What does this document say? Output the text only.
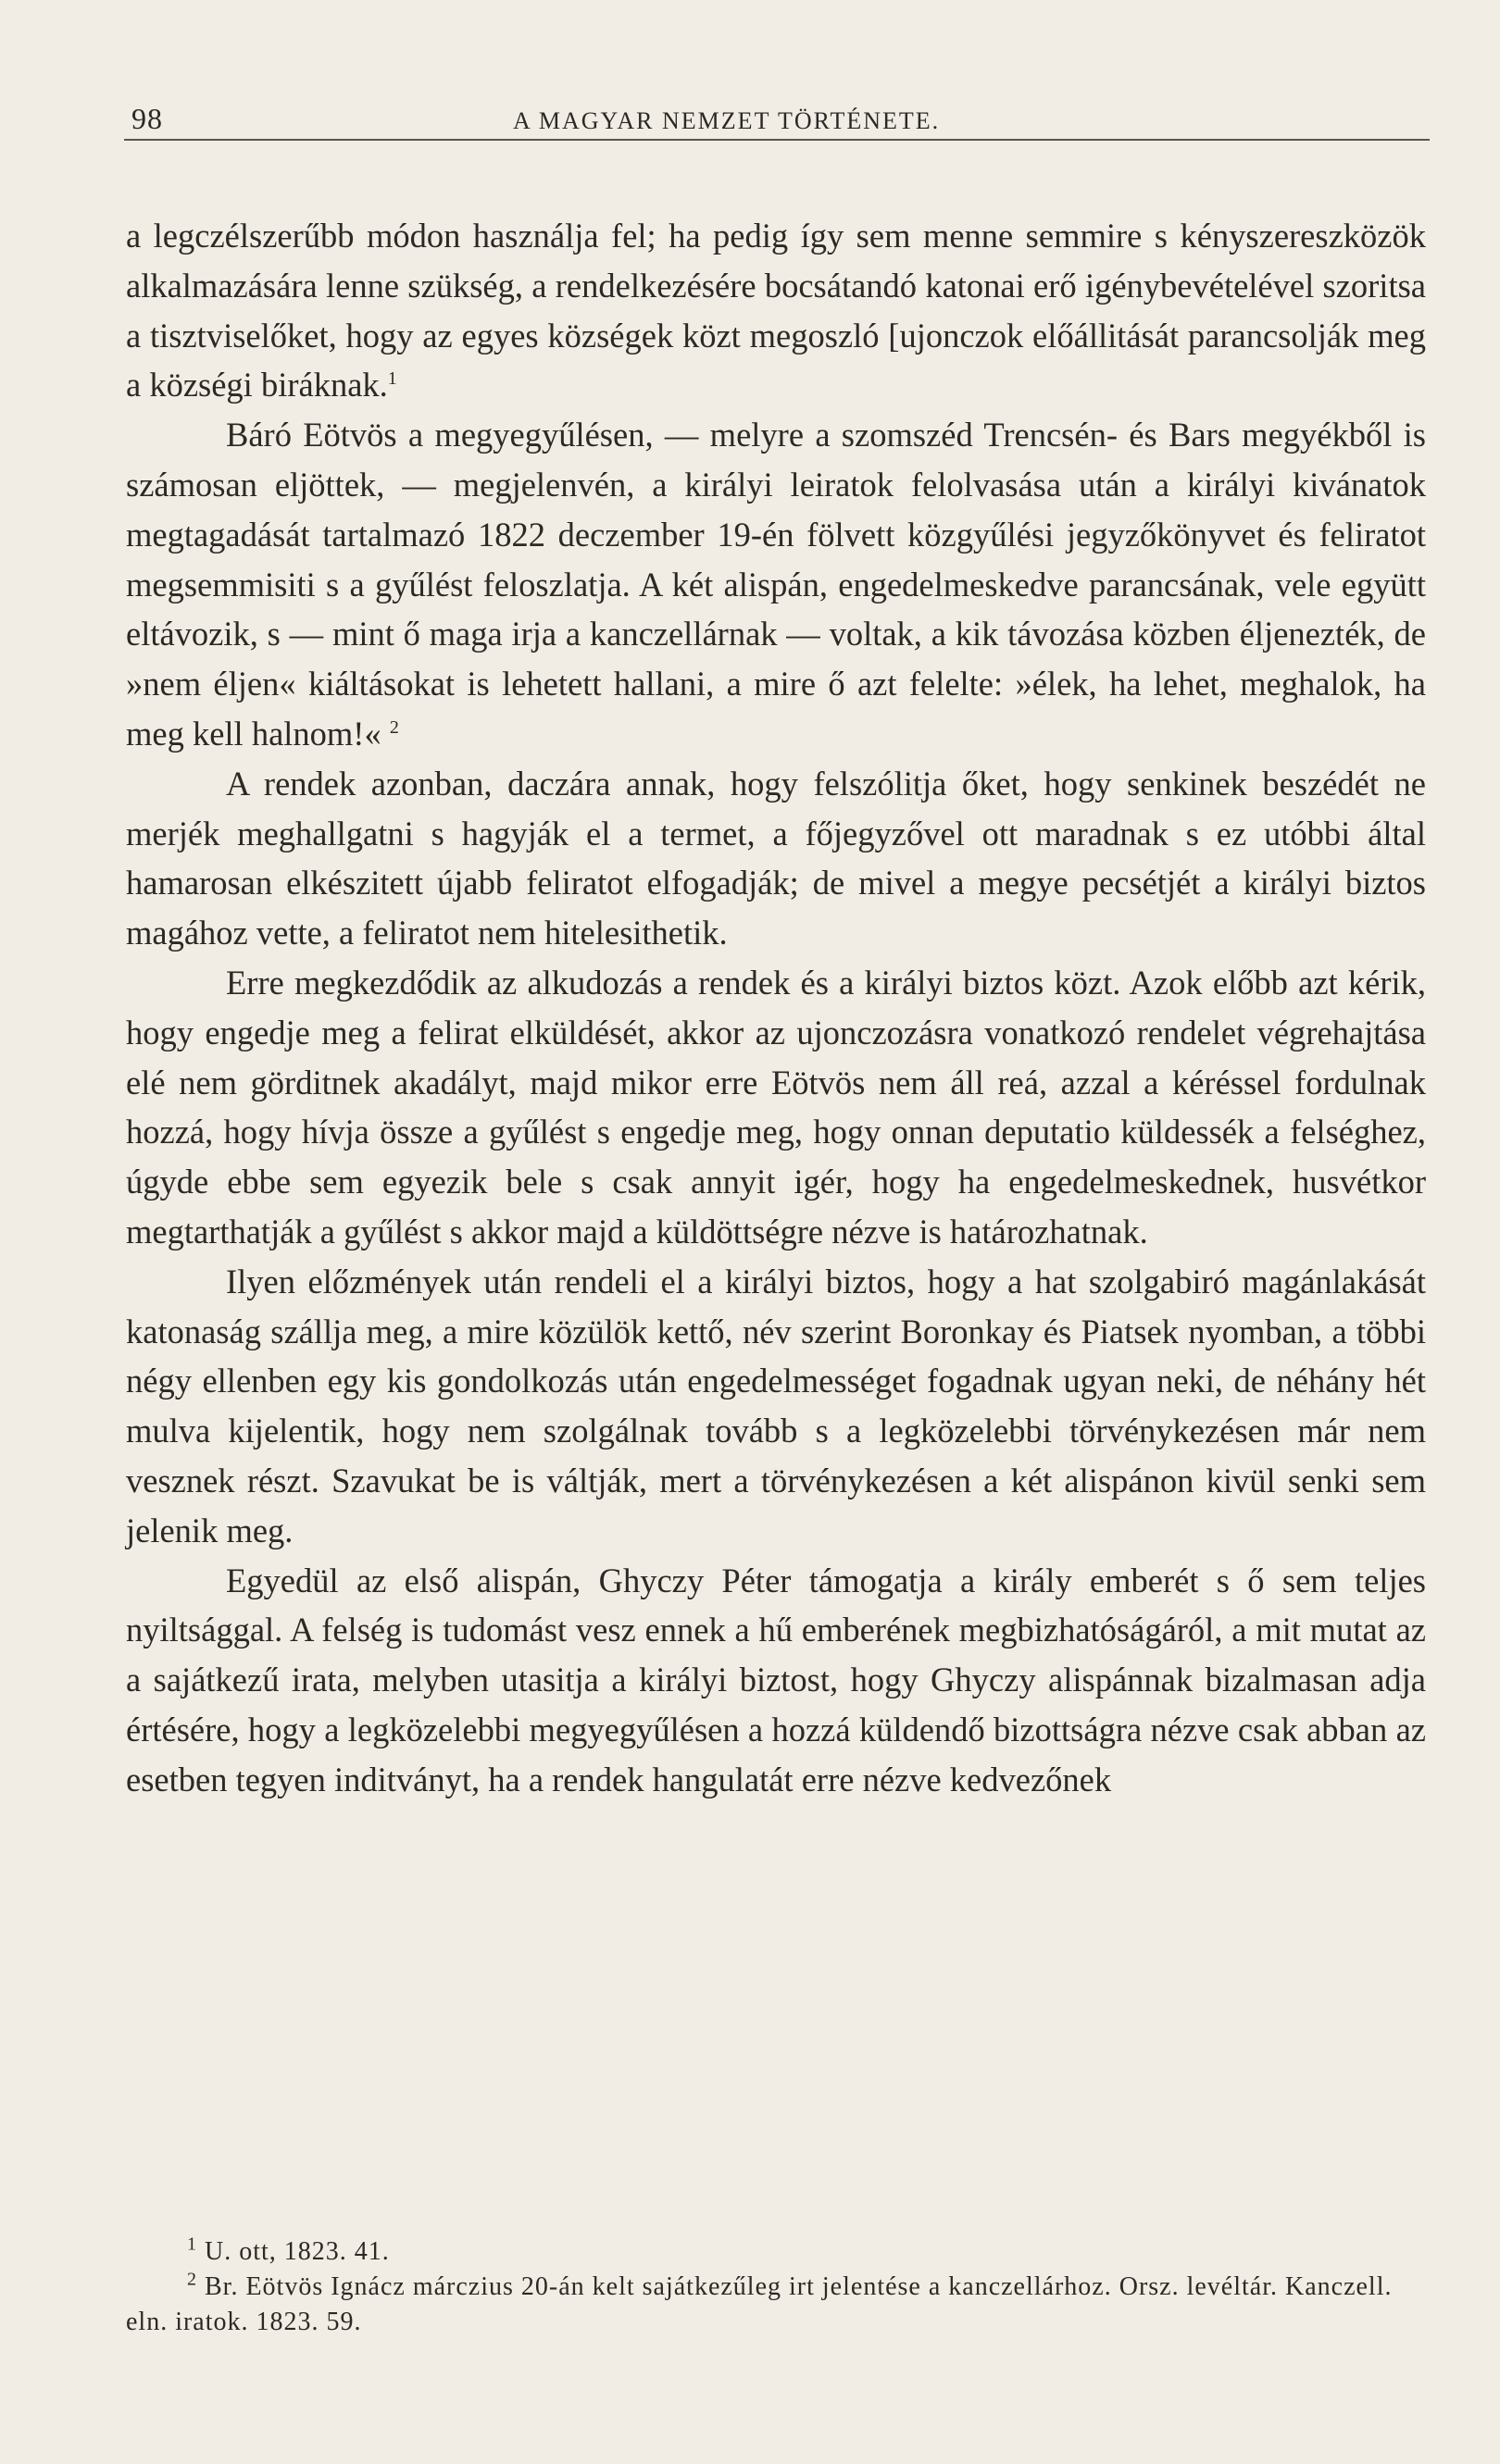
98	A MAGYAR NEMZET TÖRTÉNETE.

a legczélszerűbb módon használja fel; ha pedig így sem menne semmire s kényszereszközök alkalmazására lenne szükség, a rendelkezésére bocsátandó katonai erő igénybevételével szoritsa a tisztviselőket, hogy az egyes községek közt megoszló [ujonczok előállitását parancsolják meg a községi biráknak.$^1$

Báró Eötvös a megyegyűlésen, — melyre a szomszéd Trencsén- és Bars megyékből is számosan eljöttek, — megjelenvén, a királyi leiratok felolvasása után a királyi kivánatok megtagadását tartalmazó 1822 deczember 19-én fölvett közgyűlési jegyzőkönyvet és feliratot megsemmisiti s a gyűlést feloszlatja. A két alispán, engedelmeskedve parancsának, vele együtt eltávozik, s — mint ő maga irja a kanczellárnak — voltak, a kik távozása közben éljenezték, de »nem éljen« kiáltásokat is lehetett hallani, a mire ő azt felelte: »élek, ha lehet, meghalok, ha meg kell halnom!« $^2$

A rendek azonban, daczára annak, hogy felszólitja őket, hogy senkinek beszédét ne merjék meghallgatni s hagyják el a termet, a főjegyzővel ott maradnak s ez utóbbi által hamarosan elkészitett újabb feliratot elfogadják; de mivel a megye pecsétjét a királyi biztos magához vette, a feliratot nem hitelesithetik.

Erre megkezdődik az alkudozás a rendek és a királyi biztos közt. Azok előbb azt kérik, hogy engedje meg a felirat elküldését, akkor az ujonczozásra vonatkozó rendelet végrehajtása elé nem görditnek akadályt, majd mikor erre Eötvös nem áll reá, azzal a kéréssel fordulnak hozzá, hogy hívja össze a gyűlést s engedje meg, hogy onnan deputatio küldessék a felséghez, úgyde ebbe sem egyezik bele s csak annyit igér, hogy ha engedelmeskednek, husvétkor megtarthatják a gyűlést s akkor majd a küldöttségre nézve is határozhatnak.

Ilyen előzmények után rendeli el a királyi biztos, hogy a hat szolgabiró magánlakását katonaság szállja meg, a mire közülök kettő, név szerint Boronkay és Piatsek nyomban, a többi négy ellenben egy kis gondolkozás után engedelmességet fogadnak ugyan neki, de néhány hét mulva kijelentik, hogy nem szolgálnak tovább s a legközelebbi törvénykezésen már nem vesznek részt. Szavukat be is váltják, mert a törvénykezésen a két alispánon kivül senki sem jelenik meg.

Egyedül az első alispán, Ghyczy Péter támogatja a király emberét s ő sem teljes nyiltsággal. A felség is tudomást vesz ennek a hű emberének megbizhatóságáról, a mit mutat az a sajátkezű irata, melyben utasitja a királyi biztost, hogy Ghyczy alispánnak bizalmasan adja értésére, hogy a legközelebbi megyegyűlésen a hozzá küldendő bizottságra nézve csak abban az esetben tegyen inditványt, ha a rendek hangulatát erre nézve kedvezőnek

$^1$ U. ott, 1823. 41.

$^2$ Br. Eötvös Ignácz márczius 20-án kelt sajátkezűleg irt jelentése a kanczellárhoz. Orsz. levéltár. Kanczell. eln. iratok. 1823. 59.
